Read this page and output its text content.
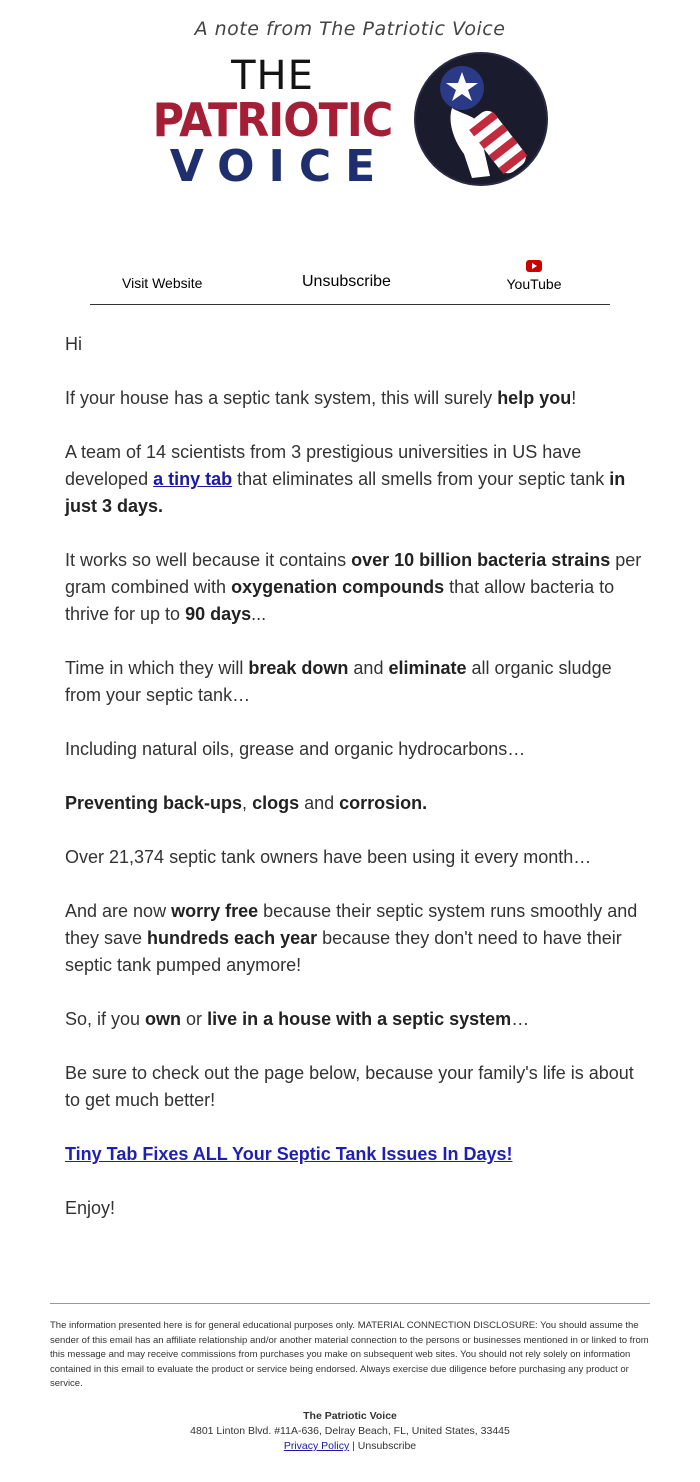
A note from The Patriotic Voice
THE
PATRIOTIC
VOICE
Visit Website	Unsubscribe	YouTube

Hi

If your house has a septic tank system, this will surely help you!

A team of 14 scientists from 3 prestigious universities in US have developed a tiny tab that eliminates all smells from your septic tank in just 3 days.

It works so well because it contains over 10 billion bacteria strains per gram combined with oxygenation compounds that allow bacteria to thrive for up to 90 days...

Time in which they will break down and eliminate all organic sludge from your septic tank…

Including natural oils, grease and organic hydrocarbons…

Preventing back-ups, clogs and corrosion.

Over 21,374 septic tank owners have been using it every month…

And are now worry free because their septic system runs smoothly and they save hundreds each year because they don't need to have their septic tank pumped anymore!

So, if you own or live in a house with a septic system…

Be sure to check out the page below, because your family's life is about to get much better!

Tiny Tab Fixes ALL Your Septic Tank Issues In Days!

Enjoy!

The information presented here is for general educational purposes only. MATERIAL CONNECTION DISCLOSURE: You should assume the sender of this email has an affiliate relationship and/or another material connection to the persons or businesses mentioned in or linked to from this message and may receive commissions from purchases you make on subsequent web sites. You should not rely solely on information contained in this email to evaluate the product or service being endorsed. Always exercise due diligence before purchasing any product or service.
The Patriotic Voice
4801 Linton Blvd. #11A-636, Delray Beach, FL, United States, 33445
Privacy Policy | Unsubscribe
